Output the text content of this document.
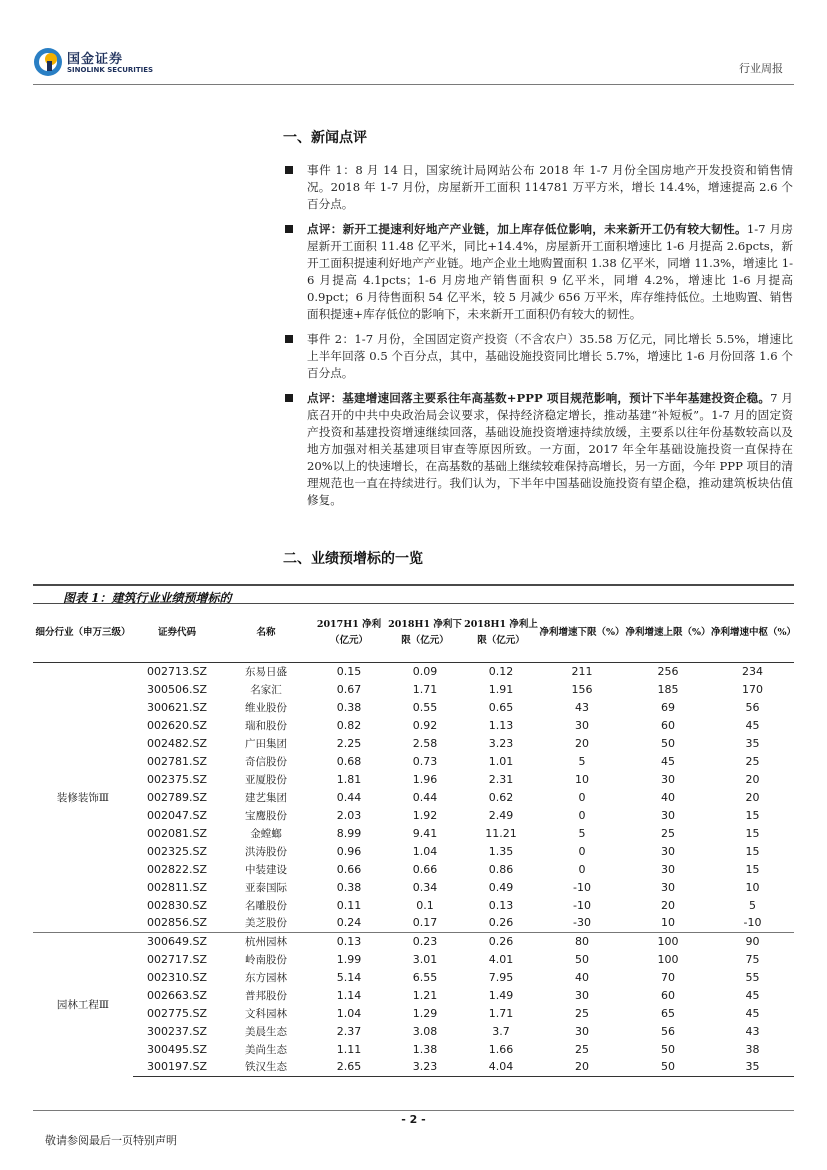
国金证券
SINOLINK SECURITIES	行业周报
一、新闻点评
事件 1：8 月 14 日，国家统计局网站公布 2018 年 1-7 月份全国房地产开发投资和销售情况。2018 年 1-7 月份，房屋新开工面积 114781 万平方米，增长 14.4%，增速提高 2.6 个百分点。
点评：新开工提速利好地产产业链，加上库存低位影响，未来新开工仍有较大韧性。1-7 月房屋新开工面积 11.48 亿平米，同比+14.4%，房屋新开工面积增速比 1-6 月提高 2.6pcts，新开工面积提速利好地产产业链。地产企业土地购置面积 1.38 亿平米，同增 11.3%，增速比 1-6 月提高 4.1pcts；1-6 月房地产销售面积 9 亿平米，同增 4.2%，增速比 1-6 月提高 0.9pct；6 月待售面积 54 亿平米，较 5 月减少 656 万平米，库存维持低位。土地购置、销售面积提速+库存低位的影响下，未来新开工面积仍有较大的韧性。
事件 2：1-7 月份，全国固定资产投资（不含农户）35.58 万亿元，同比增长 5.5%，增速比上半年回落 0.5 个百分点，其中，基础设施投资同比增长 5.7%，增速比 1-6 月份回落 1.6 个百分点。
点评：基建增速回落主要系往年高基数+PPP 项目规范影响，预计下半年基建投资企稳。7 月底召开的中共中央政治局会议要求，保持经济稳定增长，推动基建“补短板”。1-7 月的固定资产投资和基建投资增速继续回落，基础设施投资增速持续放缓，主要系以往年份基数较高以及地方加强对相关基建项目审查等原因所致。一方面，2017 年全年基础设施投资一直保持在 20%以上的快速增长，在高基数的基础上继续较难保持高增长，另一方面，今年 PPP 项目的清理规范也一直在持续进行。我们认为，下半年中国基础设施投资有望企稳，推动建筑板块估值修复。
二、业绩预增标的一览
图表 1：建筑行业业绩预增标的
细分行业（申万三级）	证券代码	名称	2017H1 净利（亿元）	2018H1 净利下限（亿元）	2018H1 净利上限（亿元）	净利增速下限（%）	净利增速上限（%）	净利增速中枢（%）
装修装饰Ⅲ	002713.SZ	东易日盛	0.15	0.09	0.12	211	256	234
	300506.SZ	名家汇	0.67	1.71	1.91	156	185	170
	300621.SZ	维业股份	0.38	0.55	0.65	43	69	56
	002620.SZ	瑞和股份	0.82	0.92	1.13	30	60	45
	002482.SZ	广田集团	2.25	2.58	3.23	20	50	35
	002781.SZ	奇信股份	0.68	0.73	1.01	5	45	25
	002375.SZ	亚厦股份	1.81	1.96	2.31	10	30	20
	002789.SZ	建艺集团	0.44	0.44	0.62	0	40	20
	002047.SZ	宝鹰股份	2.03	1.92	2.49	0	30	15
	002081.SZ	金螳螂	8.99	9.41	11.21	5	25	15
	002325.SZ	洪涛股份	0.96	1.04	1.35	0	30	15
	002822.SZ	中装建设	0.66	0.66	0.86	0	30	15
	002811.SZ	亚泰国际	0.38	0.34	0.49	-10	30	10
	002830.SZ	名雕股份	0.11	0.1	0.13	-10	20	5
	002856.SZ	美芝股份	0.24	0.17	0.26	-30	10	-10
园林工程Ⅲ	300649.SZ	杭州园林	0.13	0.23	0.26	80	100	90
	002717.SZ	岭南股份	1.99	3.01	4.01	50	100	75
	002310.SZ	东方园林	5.14	6.55	7.95	40	70	55
	002663.SZ	普邦股份	1.14	1.21	1.49	30	60	45
	002775.SZ	文科园林	1.04	1.29	1.71	25	65	45
	300237.SZ	美晨生态	2.37	3.08	3.7	30	56	43
	300495.SZ	美尚生态	1.11	1.38	1.66	25	50	38
	300197.SZ	铁汉生态	2.65	3.23	4.04	20	50	35
- 2 -
敬请参阅最后一页特别声明
